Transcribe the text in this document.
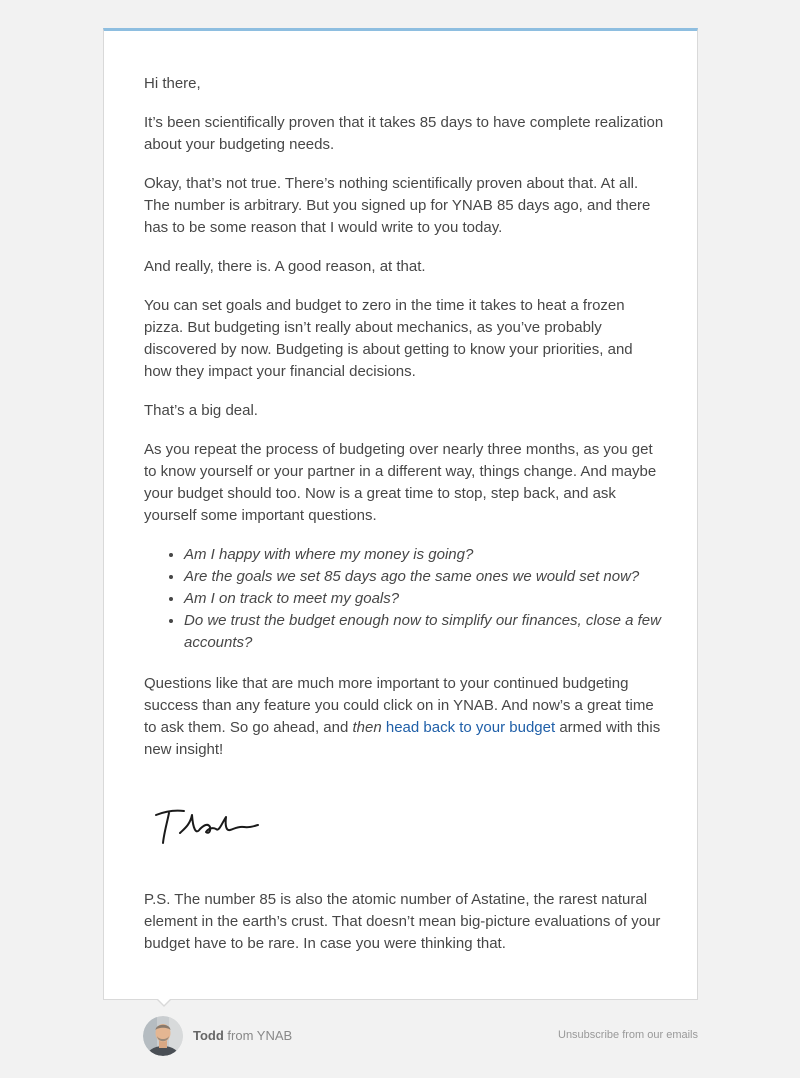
Hi there,

It’s been scientifically proven that it takes 85 days to have complete realization about your budgeting needs.

Okay, that’s not true. There’s nothing scientifically proven about that. At all. The number is arbitrary. But you signed up for YNAB 85 days ago, and there has to be some reason that I would write to you today.

And really, there is. A good reason, at that.

You can set goals and budget to zero in the time it takes to heat a frozen pizza. But budgeting isn’t really about mechanics, as you’ve probably discovered by now. Budgeting is about getting to know your priorities, and how they impact your financial decisions.

That’s a big deal.

As you repeat the process of budgeting over nearly three months, as you get to know yourself or your partner in a different way, things change. And maybe your budget should too. Now is a great time to stop, step back, and ask yourself some important questions.

• Am I happy with where my money is going?
• Are the goals we set 85 days ago the same ones we would set now?
• Am I on track to meet my goals?
• Do we trust the budget enough now to simplify our finances, close a few accounts?

Questions like that are much more important to your continued budgeting success than any feature you could click on in YNAB. And now’s a great time to ask them. So go ahead, and then head back to your budget armed with this new insight!

P.S. The number 85 is also the atomic number of Astatine, the rarest natural element in the earth’s crust. That doesn’t mean big-picture evaluations of your budget have to be rare. In case you were thinking that.

Todd from YNAB	Unsubscribe from our emails
